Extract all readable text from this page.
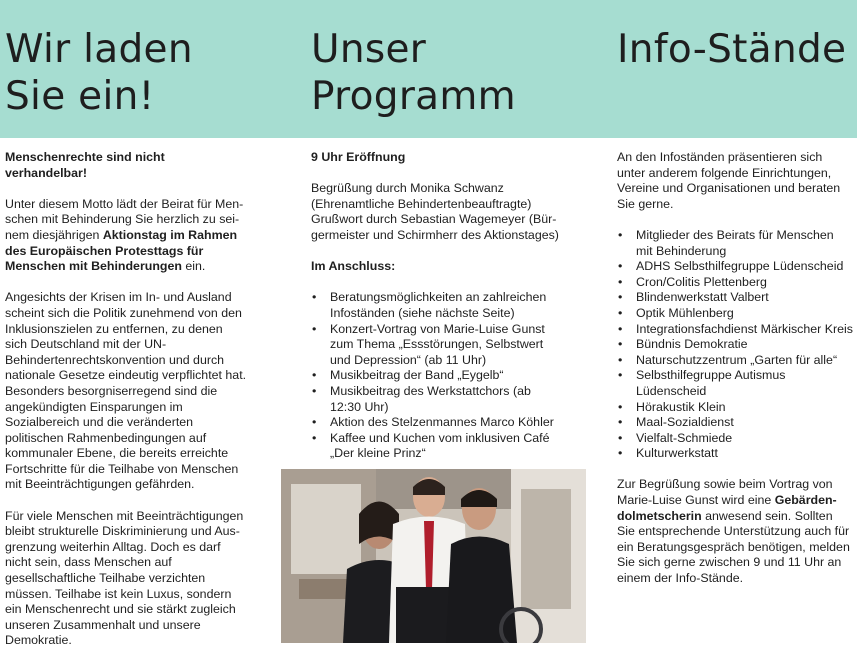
Wir laden
Sie ein!
Unser
Programm
Info-Stände

Menschenrechte sind nicht verhandelbar!

Unter diesem Motto lädt der Beirat für Menschen mit Behinderung Sie herzlich zu seinem diesjährigen Aktionstag im Rahmen des Europäischen Protesttags für Menschen mit Behinderungen ein.

Angesichts der Krisen im In- und Ausland scheint sich die Politik zunehmend von den Inklusionszielen zu entfernen, zu denen sich Deutschland mit der UN-Behindertenrechtskonvention und durch nationale Gesetze eindeutig verpflichtet hat. Besonders besorgniserregend sind die angekündigten Einsparungen im Sozialbereich und die veränderten politischen Rahmenbedingungen auf kommunaler Ebene, die bereits erreichte Fortschritte für die Teilhabe von Menschen mit Beeinträchtigungen gefährden.

Für viele Menschen mit Beeinträchtigungen bleibt strukturelle Diskriminierung und Ausgrenzung weiterhin Alltag. Doch es darf nicht sein, dass Menschen auf gesellschaftliche Teilhabe verzichten müssen. Teilhabe ist kein Luxus, sondern ein Menschenrecht und sie stärkt zugleich unseren Zusammenhalt und unsere Demokratie.

9 Uhr Eröffnung

Begrüßung durch Monika Schwanz
(Ehrenamtliche Behindertenbeauftragte)
Grußwort durch Sebastian Wagemeyer (Bürgermeister und Schirmherr des Aktionstages)

Im Anschluss:

• Beratungsmöglichkeiten an zahlreichen Infoständen (siehe nächste Seite)
• Konzert-Vortrag von Marie-Luise Gunst zum Thema „Essstörungen, Selbstwert und Depression“ (ab 11 Uhr)
• Musikbeitrag der Band „Eygelb“
• Musikbeitrag des Werkstattchors (ab 12:30 Uhr)
• Aktion des Stelzenmannes Marco Köhler
• Kaffee und Kuchen vom inklusiven Café „Der kleine Prinz“

An den Infoständen präsentieren sich unter anderem folgende Einrichtungen, Vereine und Organisationen und beraten Sie gerne.

• Mitglieder des Beirats für Menschen mit Behinderung
• ADHS Selbsthilfegruppe Lüdenscheid
• Cron/Colitis Plettenberg
• Blindenwerkstatt Valbert
• Optik Mühlenberg
• Integrationsfachdienst Märkischer Kreis
• Bündnis Demokratie
• Naturschutzzentrum „Garten für alle“
• Selbsthilfegruppe Autismus Lüdenscheid
• Hörakustik Klein
• Maal-Sozialdienst
• Vielfalt-Schmiede
• Kulturwerkstatt

Zur Begrüßung sowie beim Vortrag von Marie-Luise Gunst wird eine Gebärdendolmetscherin anwesend sein. Sollten Sie entsprechende Unterstützung auch für ein Beratungsgespräch benötigen, melden Sie sich gerne zwischen 9 und 11 Uhr an einem der Info-Stände.
